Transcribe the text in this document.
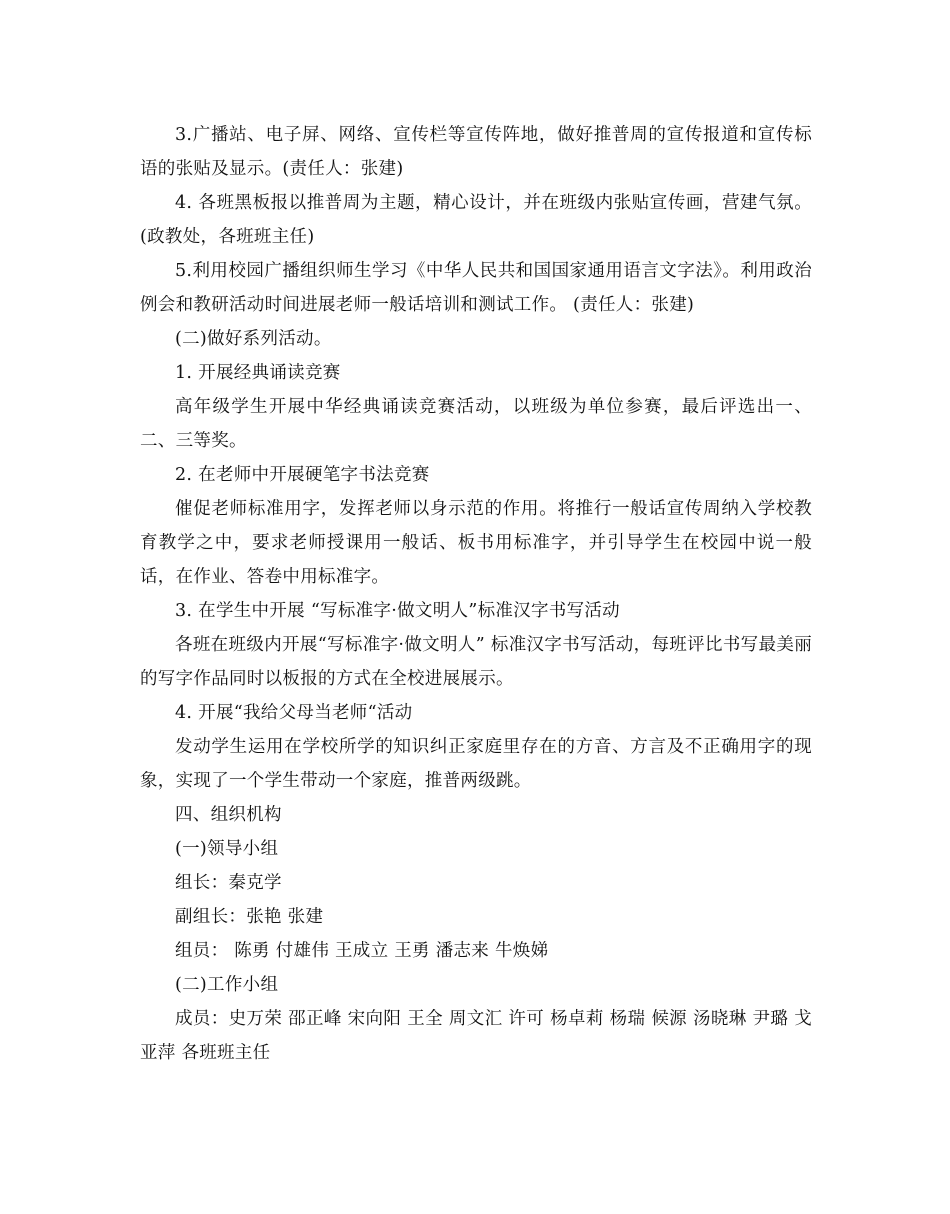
3.广播站、电子屏、网络、宣传栏等宣传阵地，做好推普周的宣传报道和宣传标语的张贴及显示。(责任人：张建)

4. 各班黑板报以推普周为主题，精心设计，并在班级内张贴宣传画，营建气氛。(政教处，各班班主任)

5.利用校园广播组织师生学习《中华人民共和国国家通用语言文字法》。利用政治例会和教研活动时间进展老师一般话培训和测试工作。 (责任人：张建)

(二)做好系列活动。

1. 开展经典诵读竞赛

高年级学生开展中华经典诵读竞赛活动，以班级为单位参赛，最后评选出一、二、三等奖。

2. 在老师中开展硬笔字书法竞赛

催促老师标准用字，发挥老师以身示范的作用。将推行一般话宣传周纳入学校教育教学之中，要求老师授课用一般话、板书用标准字，并引导学生在校园中说一般话，在作业、答卷中用标准字。

3. 在学生中开展 “写标准字·做文明人”标准汉字书写活动

各班在班级内开展“写标准字·做文明人” 标准汉字书写活动，每班评比书写最美丽的写字作品同时以板报的方式在全校进展展示。

4. 开展“我给父母当老师“活动

发动学生运用在学校所学的知识纠正家庭里存在的方音、方言及不正确用字的现象，实现了一个学生带动一个家庭，推普两级跳。

四、组织机构

(一)领导小组

组长：秦克学

副组长：张艳 张建

组员： 陈勇 付雄伟 王成立 王勇 潘志来 牛焕娣

(二)工作小组

成员：史万荣 邵正峰 宋向阳 王全 周文汇 许可 杨卓莉 杨瑞 候源 汤晓琳 尹璐 戈亚萍 各班班主任
